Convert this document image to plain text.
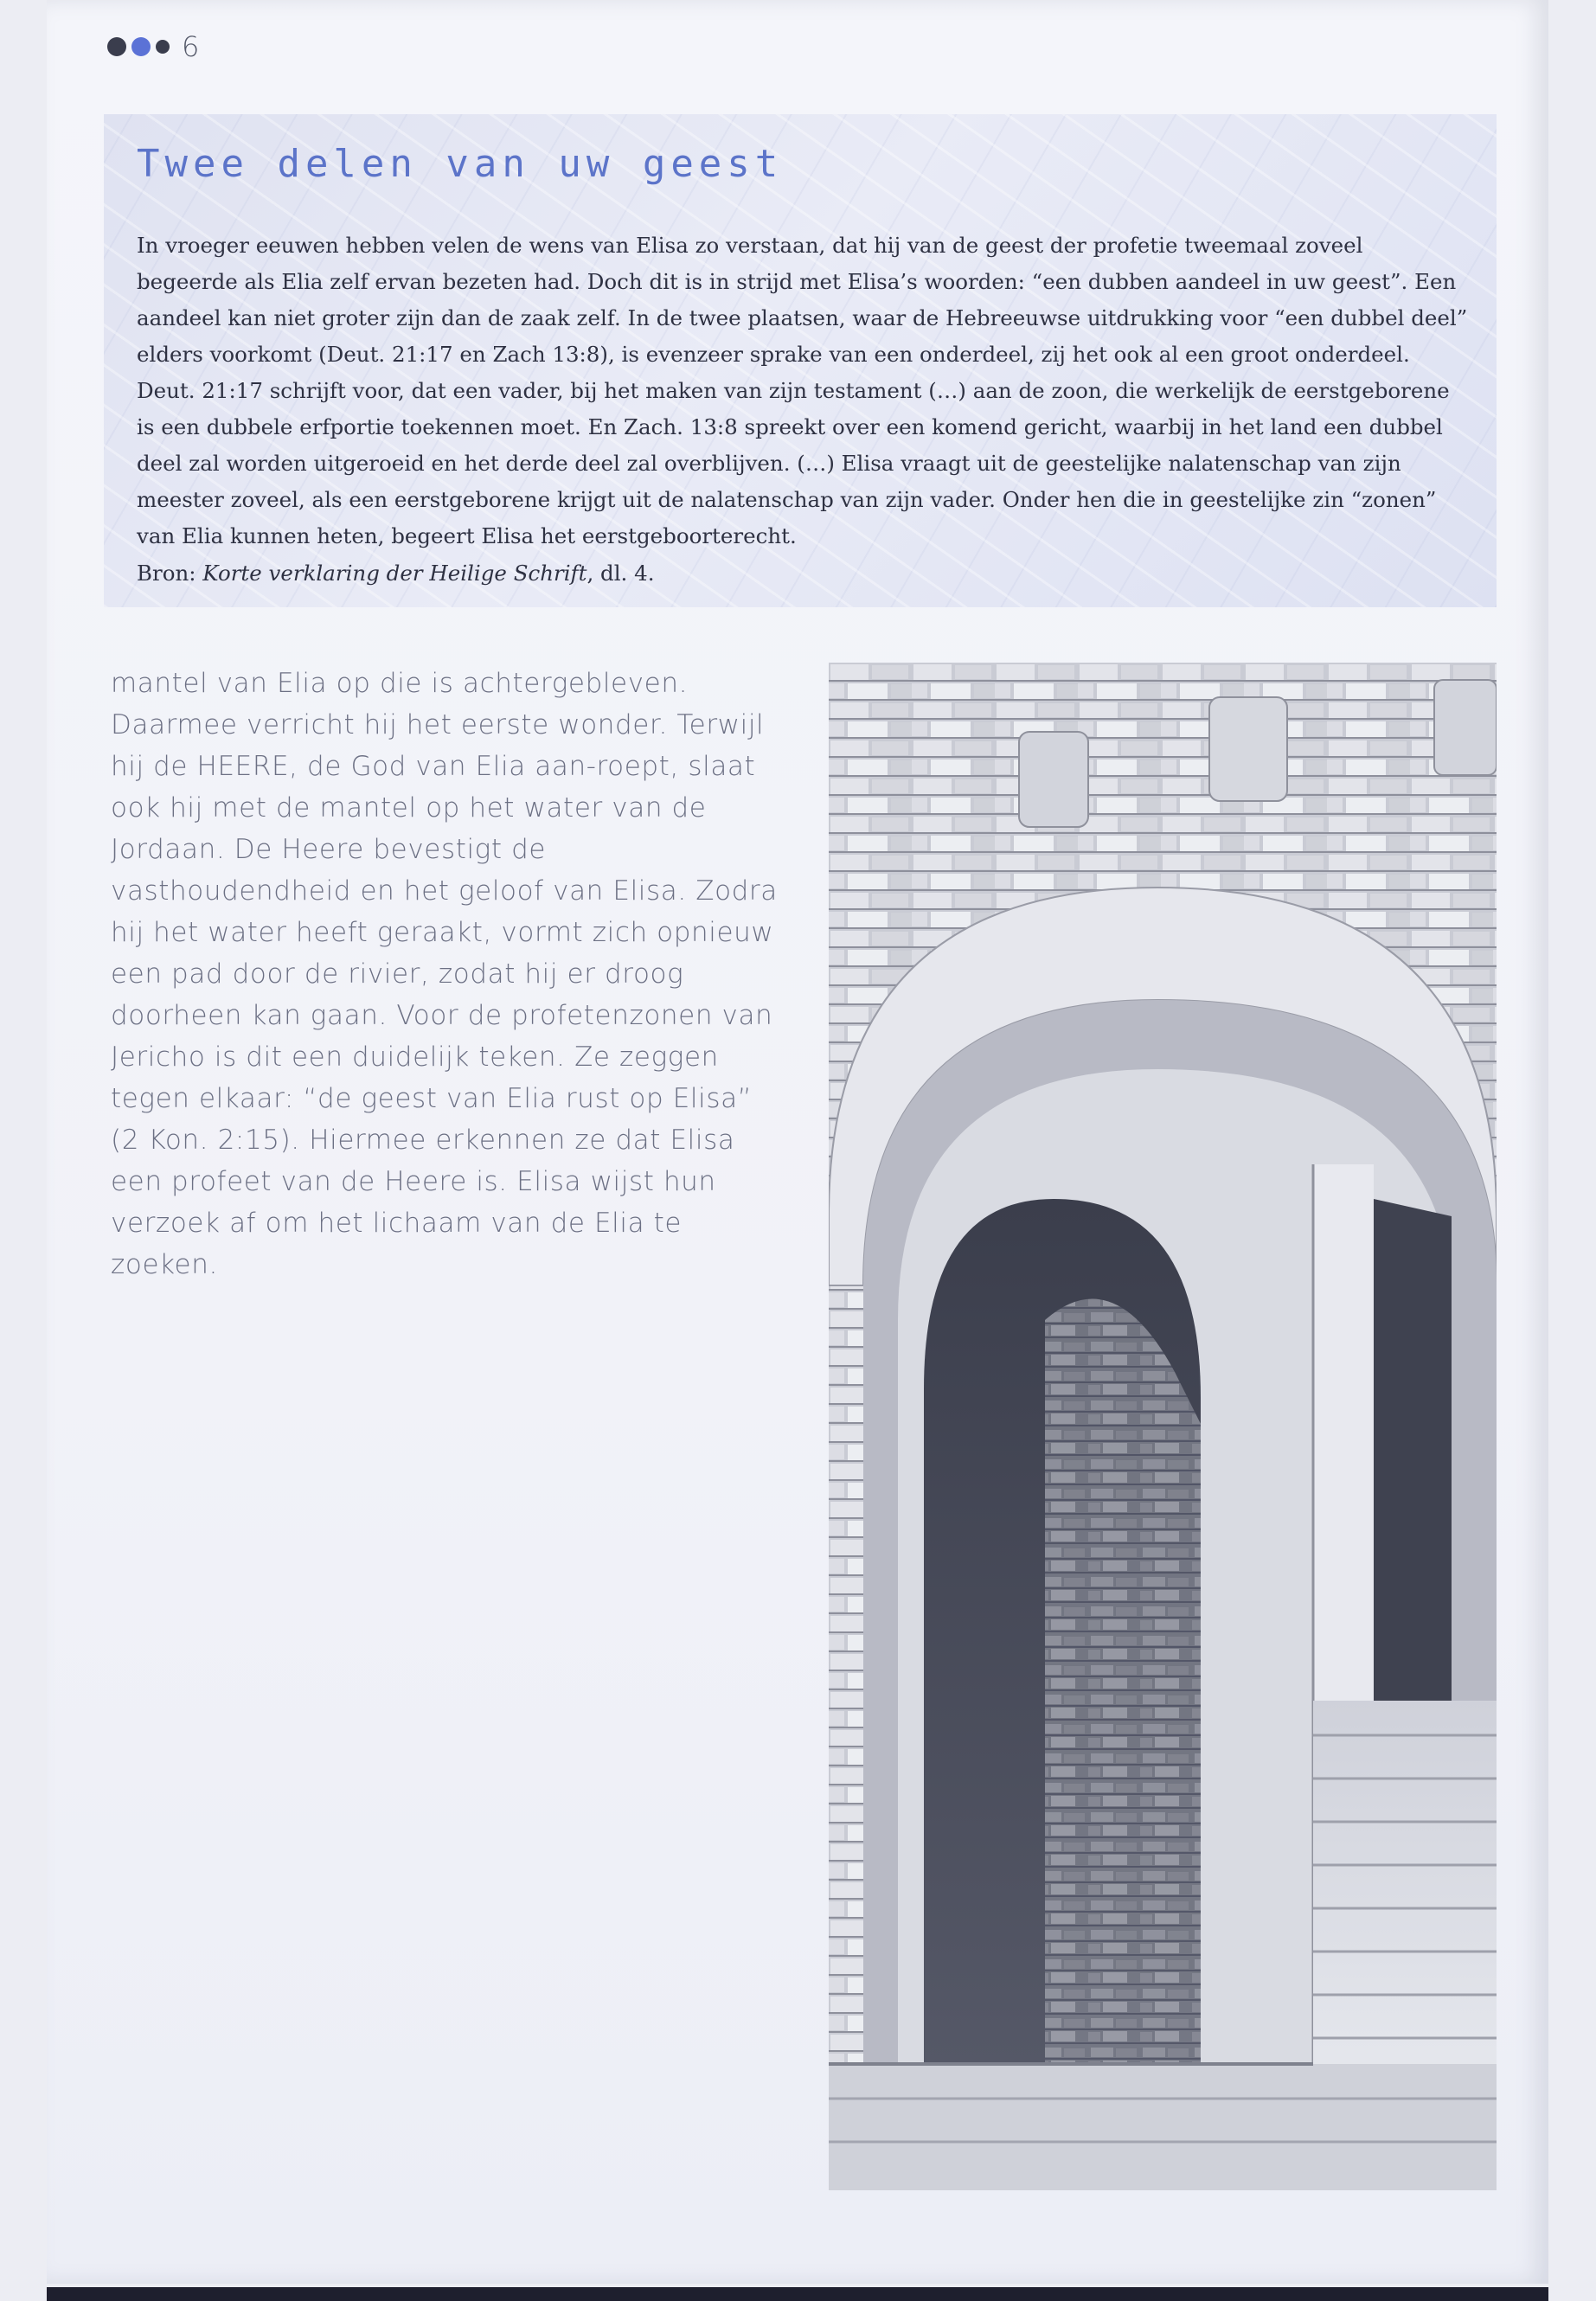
6
Twee delen van uw geest

In vroeger eeuwen hebben velen de wens van Elisa zo verstaan, dat hij van de geest der profetie tweemaal zoveel begeerde als Elia zelf ervan bezeten had. Doch dit is in strijd met Elisa’s woorden: “een dubben aandeel in uw geest”. Een aandeel kan niet groter zijn dan de zaak zelf. In de twee plaatsen, waar de Hebreeuwse uitdrukking voor “een dubbel deel” elders voorkomt (Deut. 21:17 en Zach 13:8), is evenzeer sprake van een onderdeel, zij het ook al een groot onderdeel. Deut. 21:17 schrijft voor, dat een vader, bij het maken van zijn testament (…) aan de zoon, die werkelijk de eerstgeborene is een dubbele erfportie toekennen moet. En Zach. 13:8 spreekt over een komend gericht, waarbij in het land een dubbel deel zal worden uitgeroeid en het derde deel zal overblijven. (…) Elisa vraagt uit de geestelijke nalatenschap van zijn meester zoveel, als een eerstgeborene krijgt uit de nalatenschap van zijn vader. Onder hen die in geestelijke zin “zonen” van Elia kunnen heten, begeert Elisa het eerstgeboorterecht.

Bron: Korte verklaring der Heilige Schrift, dl. 4.

mantel van Elia op die is achtergebleven. Daarmee verricht hij het eerste wonder. Terwijl hij de HEERE, de God van Elia aan-roept, slaat ook hij met de mantel op het water van de Jordaan. De Heere bevestigt de vasthoudendheid en het geloof van Elisa. Zodra hij het water heeft geraakt, vormt zich opnieuw een pad door de rivier, zodat hij er droog doorheen kan gaan. Voor de profetenzonen van Jericho is dit een duidelijk teken. Ze zeggen tegen elkaar: “de geest van Elia rust op Elisa” (2 Kon. 2:15). Hiermee erkennen ze dat Elisa een profeet van de Heere is. Elisa wijst hun verzoek af om het lichaam van de Elia te zoeken.
